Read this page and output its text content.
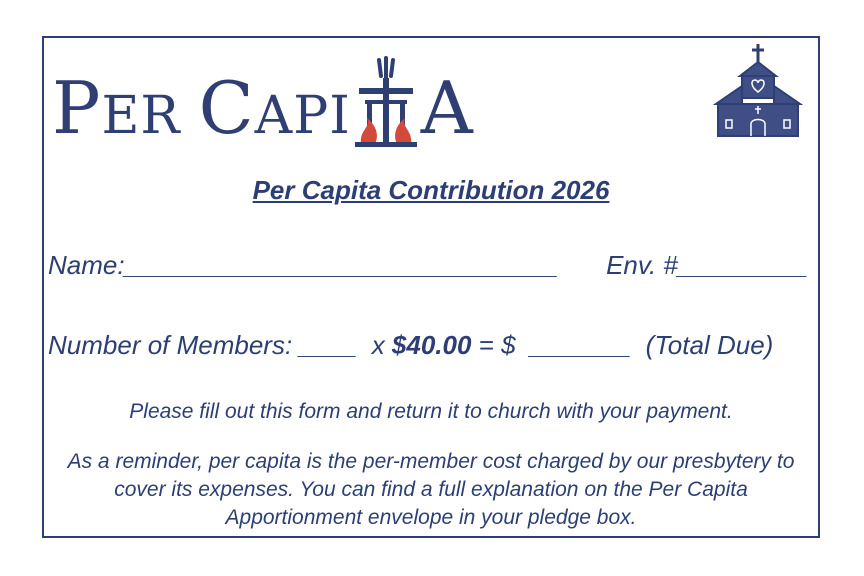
P ER C API A
Per Capita Contribution 2026
Name:______________________________ Env. #_________
Number of Members: ____  x $40.00 = $  _______  (Total Due)
Please fill out this form and return it to church with your payment.
As a reminder, per capita is the per-member cost charged by our presbytery to cover its expenses. You can find a full explanation on the Per Capita Apportionment envelope in your pledge box.
